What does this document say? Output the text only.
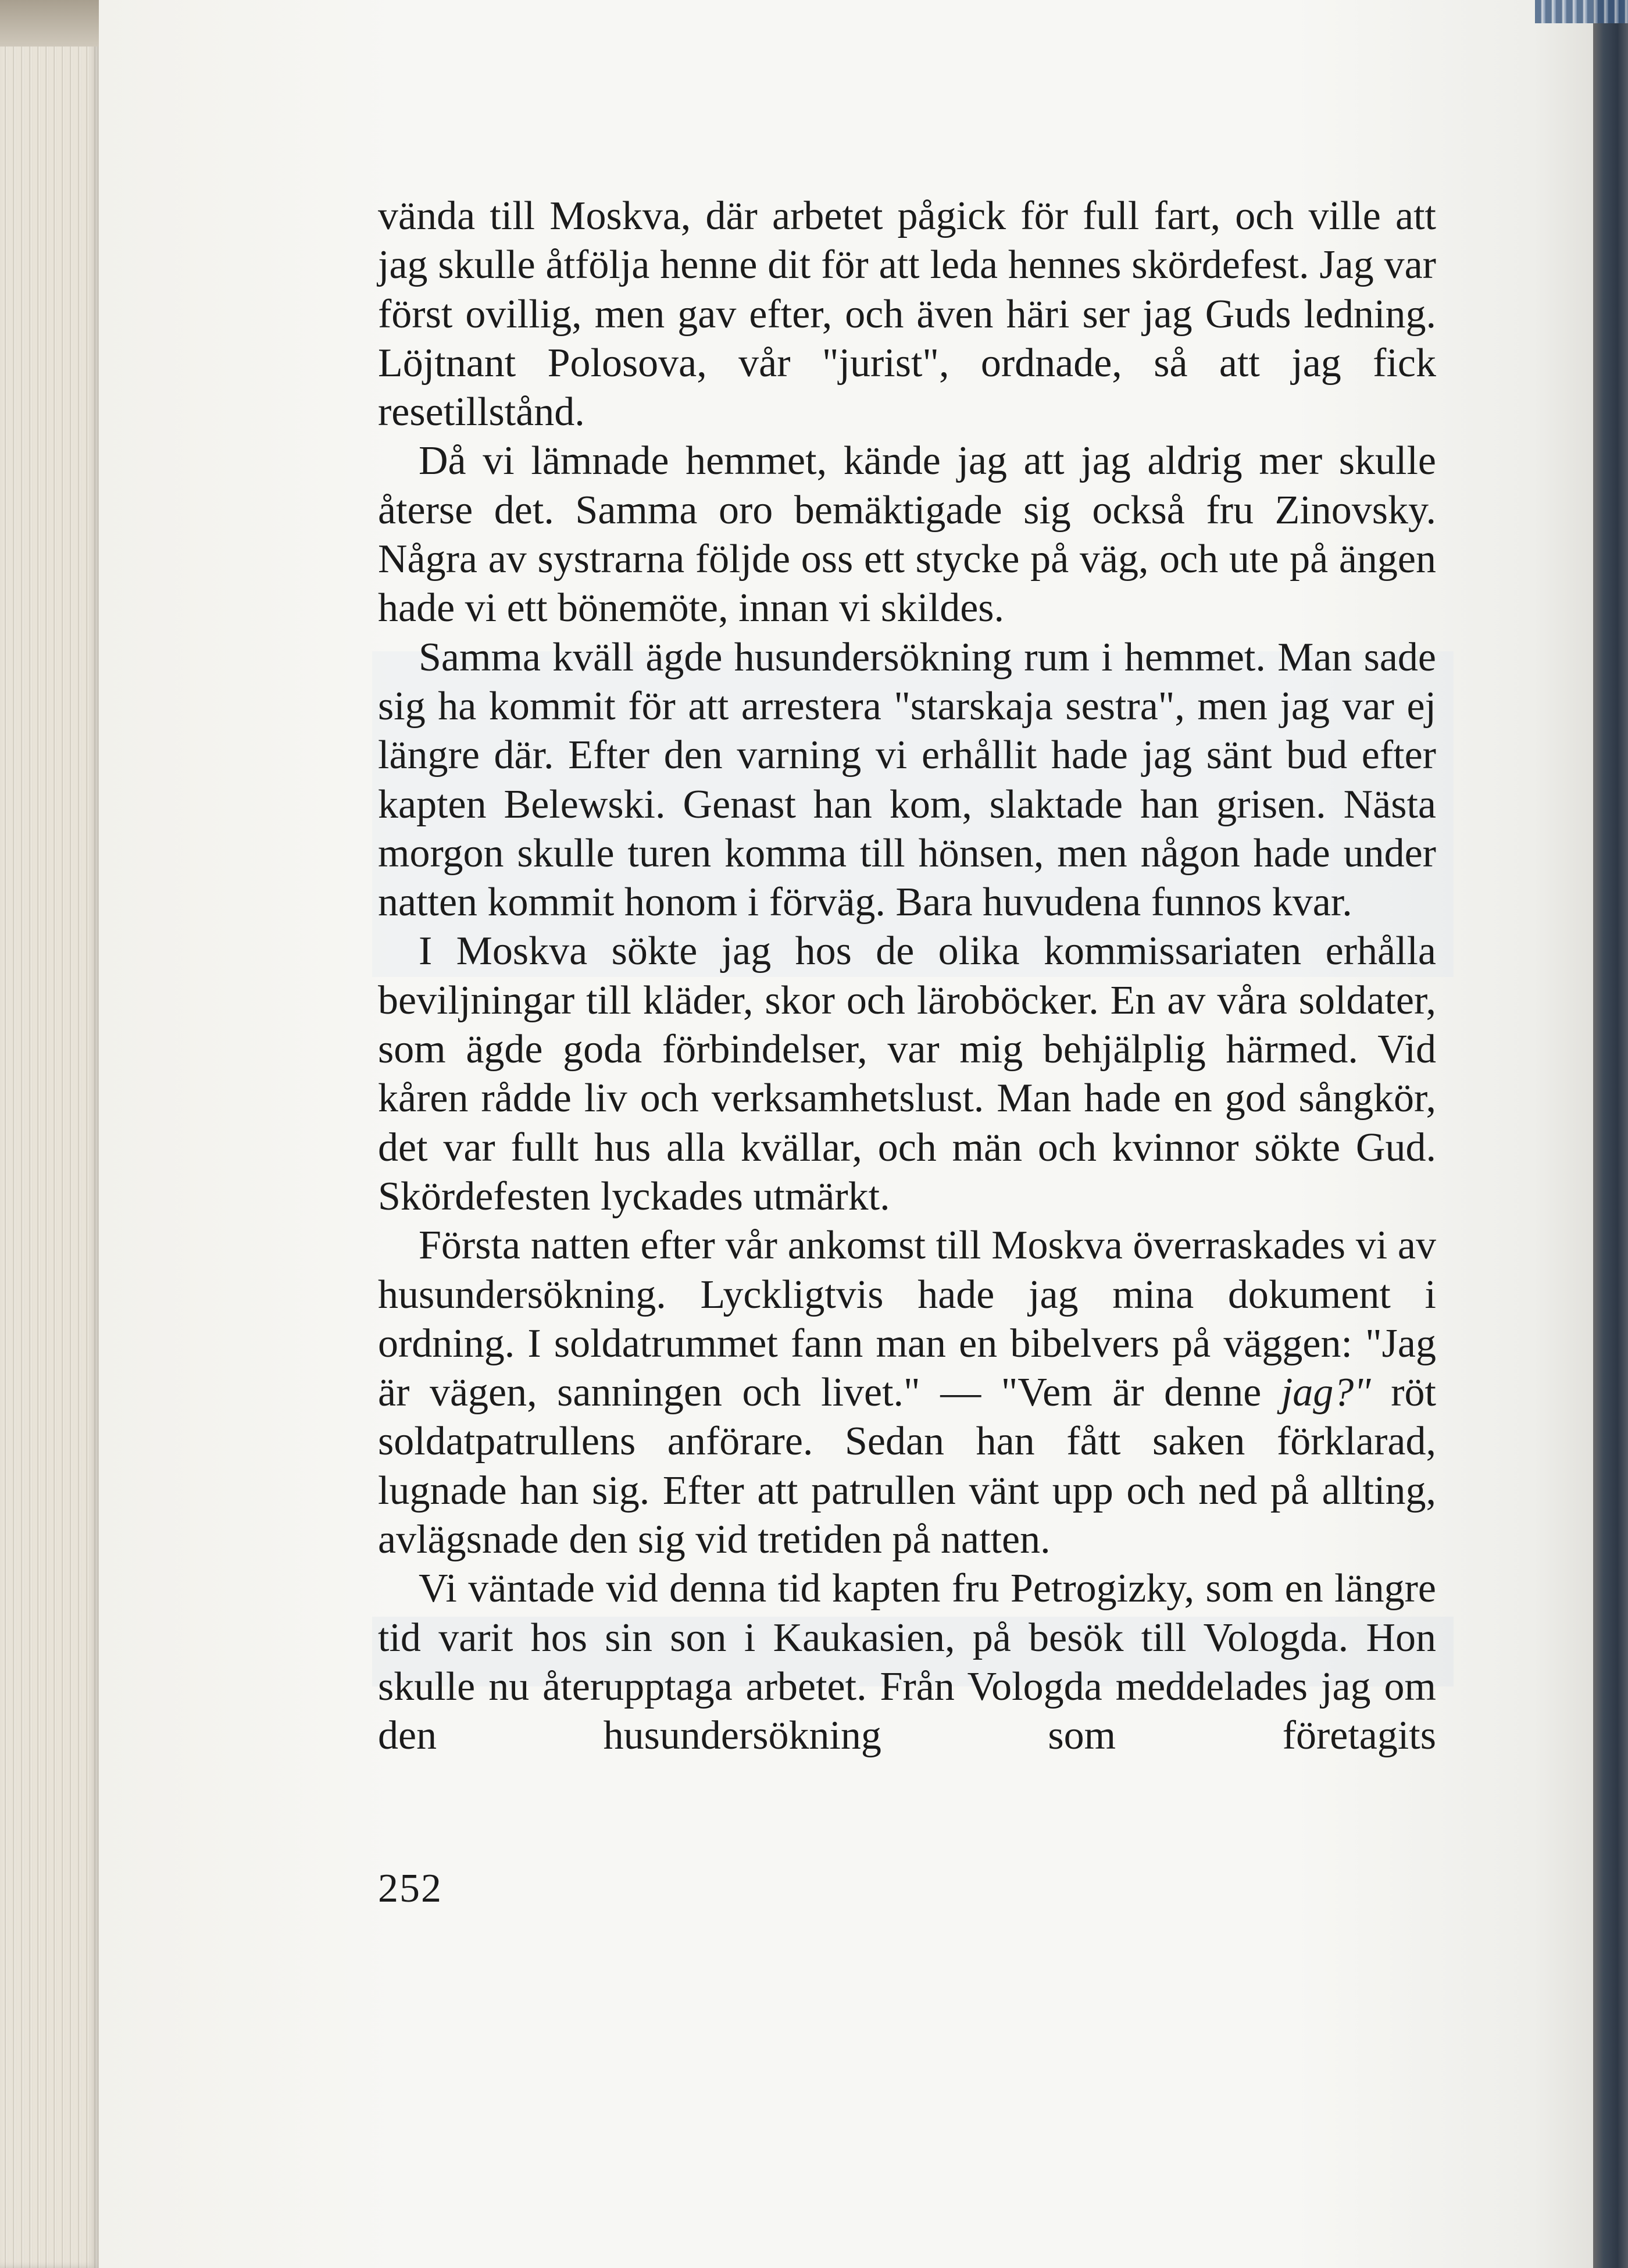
vända till Moskva, där arbetet pågick för full fart, och ville att jag skulle åtfölja henne dit för att leda hennes skördefest. Jag var först ovillig, men gav efter, och även häri ser jag Guds ledning. Löjtnant Polosova, vår "jurist", ordnade, så att jag fick resetillstånd.

Då vi lämnade hemmet, kände jag att jag aldrig mer skulle återse det. Samma oro bemäktigade sig också fru Zinovsky. Några av systrarna följde oss ett stycke på väg, och ute på ängen hade vi ett bönemöte, innan vi skildes.

Samma kväll ägde husundersökning rum i hemmet. Man sade sig ha kommit för att arrestera "starskaja sestra", men jag var ej längre där. Efter den varning vi erhållit hade jag sänt bud efter kapten Belewski. Genast han kom, slaktade han grisen. Nästa morgon skulle turen komma till hönsen, men någon hade under natten kommit honom i förväg. Bara huvudena funnos kvar.

I Moskva sökte jag hos de olika kommissariaten erhålla beviljningar till kläder, skor och läroböcker. En av våra soldater, som ägde goda förbindelser, var mig behjälplig härmed. Vid kåren rådde liv och verksamhetslust. Man hade en god sångkör, det var fullt hus alla kvällar, och män och kvinnor sökte Gud. Skördefesten lyckades utmärkt.

Första natten efter vår ankomst till Moskva överraskades vi av husundersökning. Lyckligtvis hade jag mina dokument i ordning. I soldatrummet fann man en bibelvers på väggen: "Jag är vägen, sanningen och livet." — "Vem är denne jag?" röt soldatpatrullens anförare. Sedan han fått saken förklarad, lugnade han sig. Efter att patrullen vänt upp och ned på allting, avlägsnade den sig vid tretiden på natten.

Vi väntade vid denna tid kapten fru Petrogizky, som en längre tid varit hos sin son i Kaukasien, på besök till Vologda. Hon skulle nu återupptaga arbetet. Från Vologda meddelades jag om den husundersökning som företagits

252
